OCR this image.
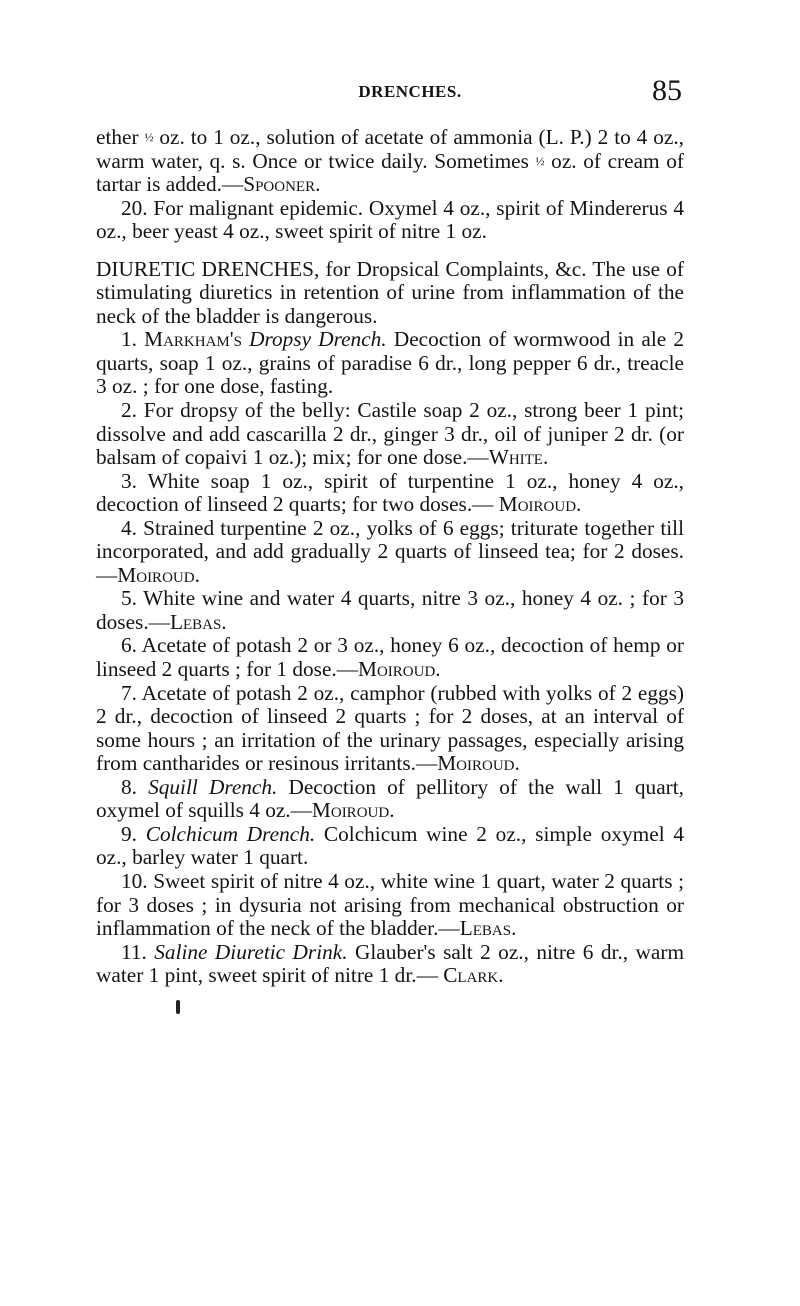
DRENCHES.	85

ether ½ oz. to 1 oz., solution of acetate of ammonia (L. P.) 2 to 4 oz., warm water, q. s. Once or twice daily. Sometimes ½ oz. of cream of tartar is added.—Spooner.

20. For malignant epidemic. Oxymel 4 oz., spirit of Mindererus 4 oz., beer yeast 4 oz., sweet spirit of nitre 1 oz.

DIURETIC DRENCHES, for Dropsical Complaints, &c. The use of stimulating diuretics in retention of urine from inflammation of the neck of the bladder is dangerous.

1. Markham's Dropsy Drench. Decoction of wormwood in ale 2 quarts, soap 1 oz., grains of paradise 6 dr., long pepper 6 dr., treacle 3 oz. ; for one dose, fasting.

2. For dropsy of the belly: Castile soap 2 oz., strong beer 1 pint; dissolve and add cascarilla 2 dr., ginger 3 dr., oil of juniper 2 dr. (or balsam of copaivi 1 oz.); mix; for one dose.—White.

3. White soap 1 oz., spirit of turpentine 1 oz., honey 4 oz., decoction of linseed 2 quarts; for two doses.— Moiroud.

4. Strained turpentine 2 oz., yolks of 6 eggs; triturate together till incorporated, and add gradually 2 quarts of linseed tea; for 2 doses.—Moiroud.

5. White wine and water 4 quarts, nitre 3 oz., honey 4 oz. ; for 3 doses.—Lebas.

6. Acetate of potash 2 or 3 oz., honey 6 oz., decoction of hemp or linseed 2 quarts ; for 1 dose.—Moiroud.

7. Acetate of potash 2 oz., camphor (rubbed with yolks of 2 eggs) 2 dr., decoction of linseed 2 quarts ; for 2 doses, at an interval of some hours ; an irritation of the urinary passages, especially arising from cantharides or resinous irritants.—Moiroud.

8. Squill Drench. Decoction of pellitory of the wall 1 quart, oxymel of squills 4 oz.—Moiroud.

9. Colchicum Drench. Colchicum wine 2 oz., simple oxymel 4 oz., barley water 1 quart.

10. Sweet spirit of nitre 4 oz., white wine 1 quart, water 2 quarts ; for 3 doses ; in dysuria not arising from mechanical obstruction or inflammation of the neck of the bladder.—Lebas.

11. Saline Diuretic Drink. Glauber's salt 2 oz., nitre 6 dr., warm water 1 pint, sweet spirit of nitre 1 dr.— Clark.
